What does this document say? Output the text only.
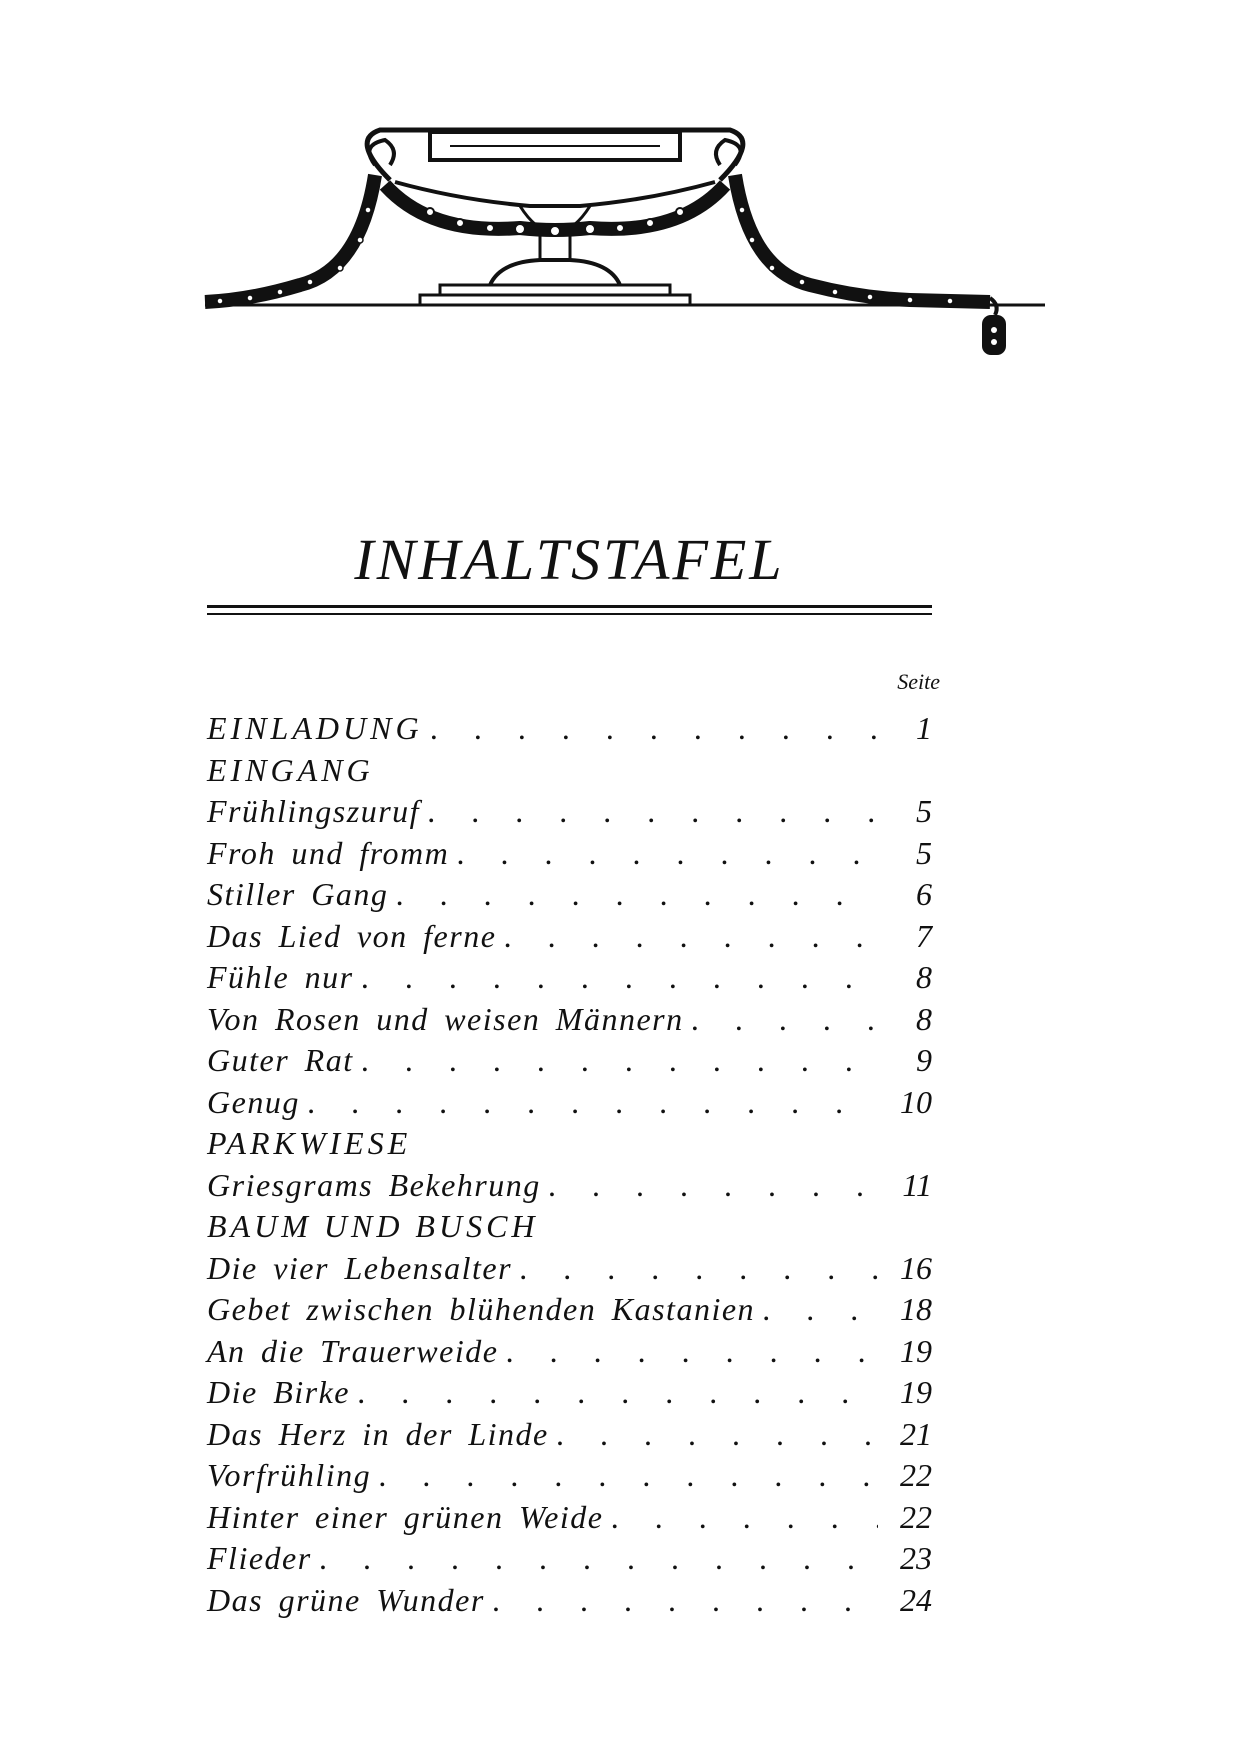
INHALTSTAFEL
Seite
EINLADUNG . . .	1
EINGANG
Frühlingszuruf . . .	5
Froh und fromm . . .	5
Stiller Gang . . .	6
Das Lied von ferne . . .	7
Fühle nur . . .	8
Von Rosen und weisen Männern . . .	8
Guter Rat . . .	9
Genug . . .	10
PARKWIESE
Griesgrams Bekehrung . . .	11
BAUM UND BUSCH
Die vier Lebensalter . . .	16
Gebet zwischen blühenden Kastanien . . .	18
An die Trauerweide . . .	19
Die Birke . . .	19
Das Herz in der Linde . . .	21
Vorfrühling . . .	22
Hinter einer grünen Weide . . .	22
Flieder . . .	23
Das grüne Wunder . . .	24
